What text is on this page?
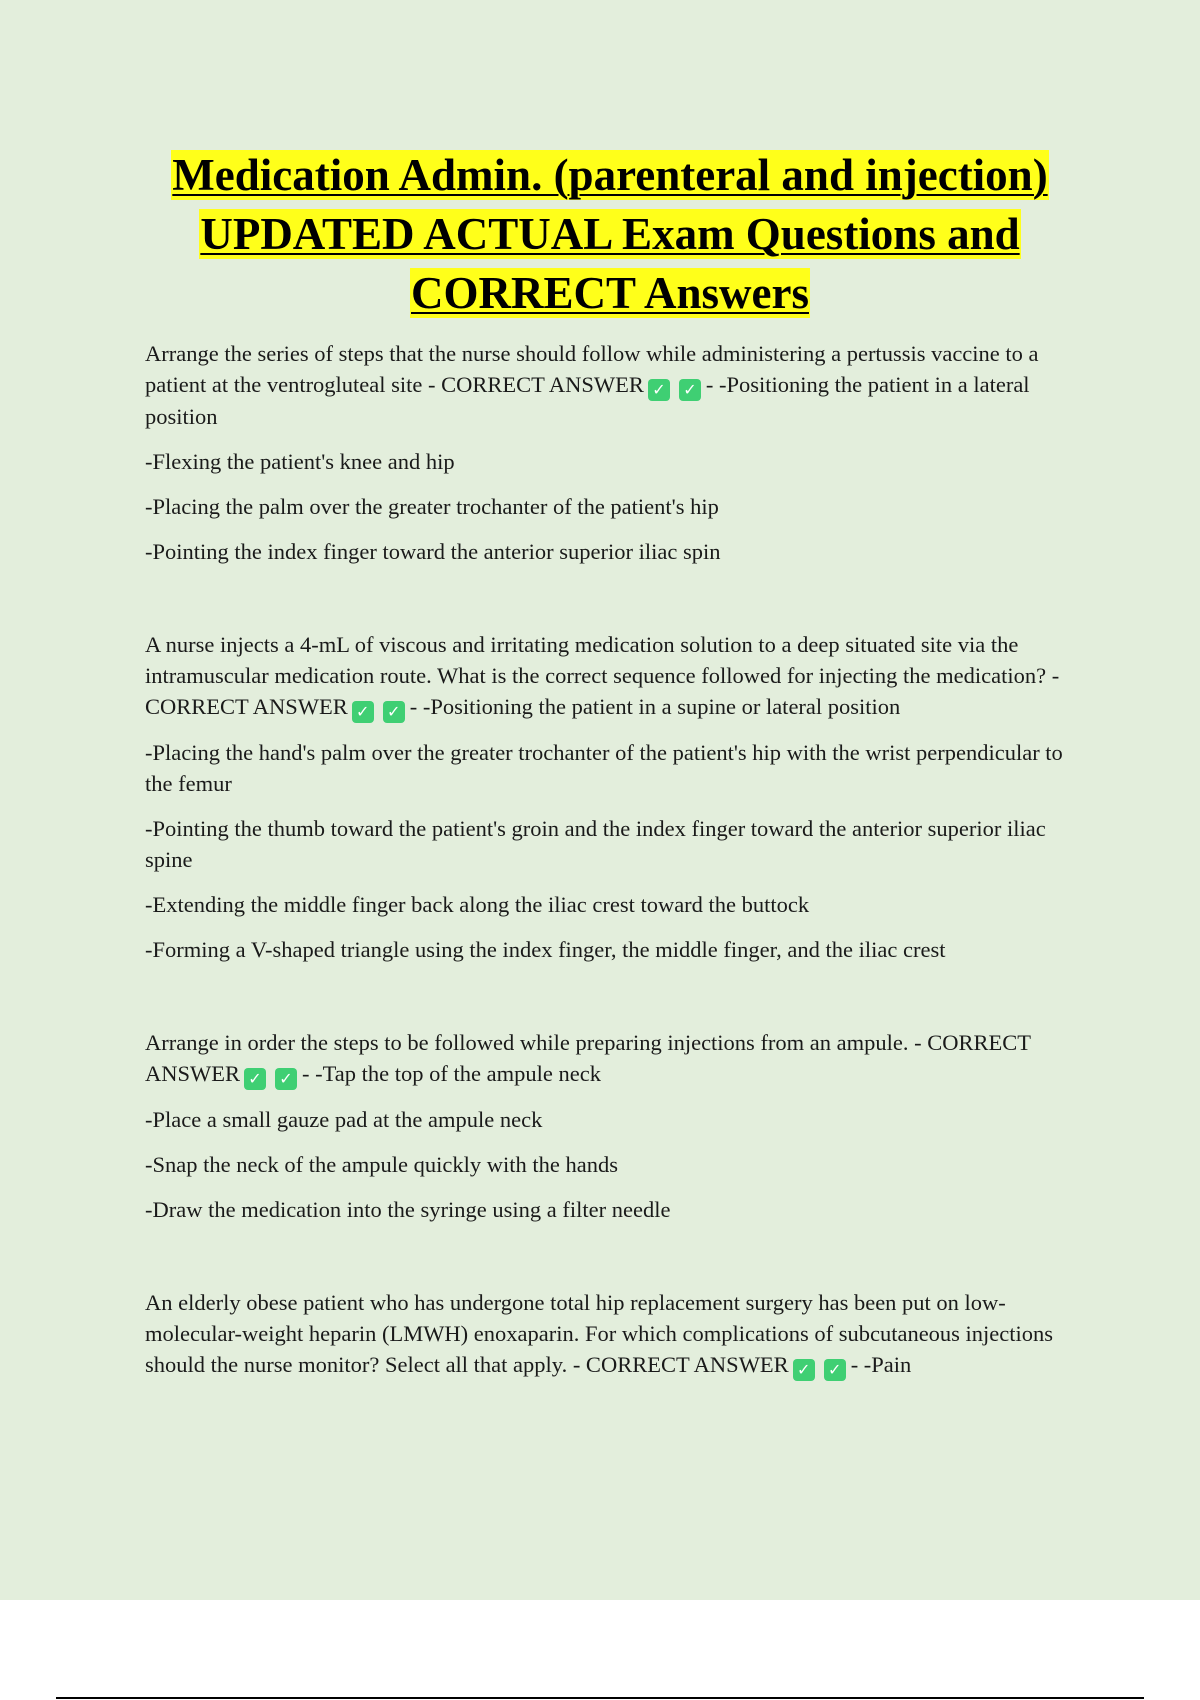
Medication Admin. (parenteral and injection)
UPDATED ACTUAL Exam Questions and
CORRECT Answers

Arrange the series of steps that the nurse should follow while administering a pertussis vaccine to a patient at the ventrogluteal site - CORRECT ANSWER ✓ ✓ - -Positioning the patient in a lateral position

-Flexing the patient's knee and hip

-Placing the palm over the greater trochanter of the patient's hip

-Pointing the index finger toward the anterior superior iliac spin

A nurse injects a 4-mL of viscous and irritating medication solution to a deep situated site via the intramuscular medication route. What is the correct sequence followed for injecting the medication? - CORRECT ANSWER ✓ ✓ - -Positioning the patient in a supine or lateral position

-Placing the hand's palm over the greater trochanter of the patient's hip with the wrist perpendicular to the femur

-Pointing the thumb toward the patient's groin and the index finger toward the anterior superior iliac spine

-Extending the middle finger back along the iliac crest toward the buttock

-Forming a V-shaped triangle using the index finger, the middle finger, and the iliac crest

Arrange in order the steps to be followed while preparing injections from an ampule. - CORRECT ANSWER ✓ ✓ - -Tap the top of the ampule neck

-Place a small gauze pad at the ampule neck

-Snap the neck of the ampule quickly with the hands

-Draw the medication into the syringe using a filter needle

An elderly obese patient who has undergone total hip replacement surgery has been put on low-molecular-weight heparin (LMWH) enoxaparin. For which complications of subcutaneous injections should the nurse monitor? Select all that apply. - CORRECT ANSWER ✓ ✓ - -Pain
